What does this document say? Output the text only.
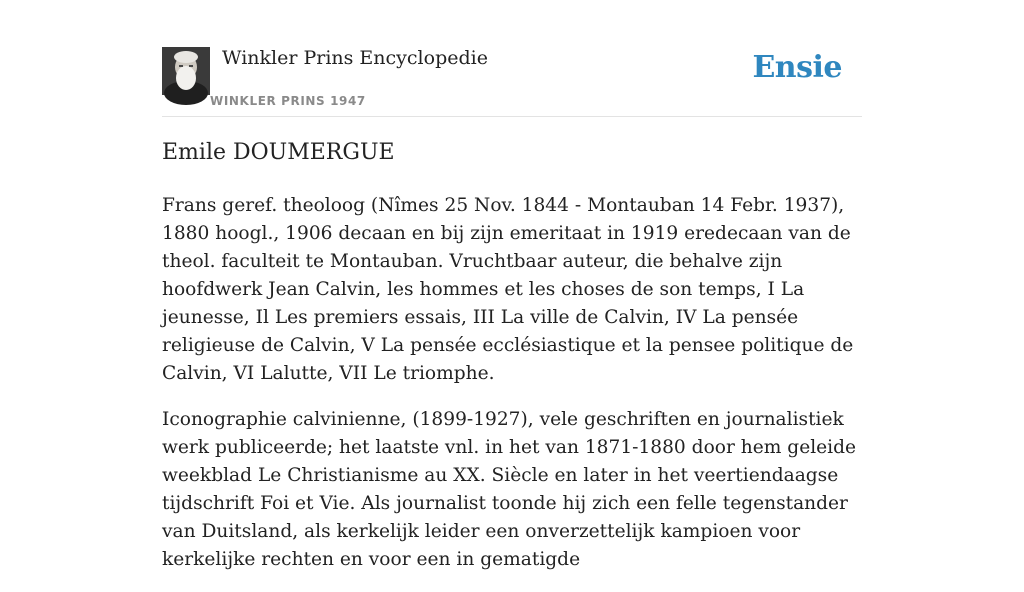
Winkler Prins Encyclopedie
WINKLER PRINS 1947
Ensie
Emile DOUMERGUE

Frans geref. theoloog (Nîmes 25 Nov. 1844 - Montauban 14 Febr. 1937), 1880 hoogl., 1906 decaan en bij zijn emeritaat in 1919 eredecaan van de theol. faculteit te Montauban. Vruchtbaar auteur, die behalve zijn hoofdwerk Jean Calvin, les hommes et les choses de son temps, I La jeunesse, Il Les premiers essais, III La ville de Calvin, IV La pensée religieuse de Calvin, V La pensée ecclésiastique et la pensee politique de Calvin, VI Lalutte, VII Le triomphe.

Iconographie calvinienne, (1899-1927), vele geschriften en journalistiek werk publiceerde; het laatste vnl. in het van 1871-1880 door hem geleide weekblad Le Christianisme au XX. Siècle en later in het veertiendaagse tijdschrift Foi et Vie. Als journalist toonde hij zich een felle tegenstander van Duitsland, als kerkelijk leider een onverzettelijk kampioen voor kerkelijke rechten en voor een in gematigde
